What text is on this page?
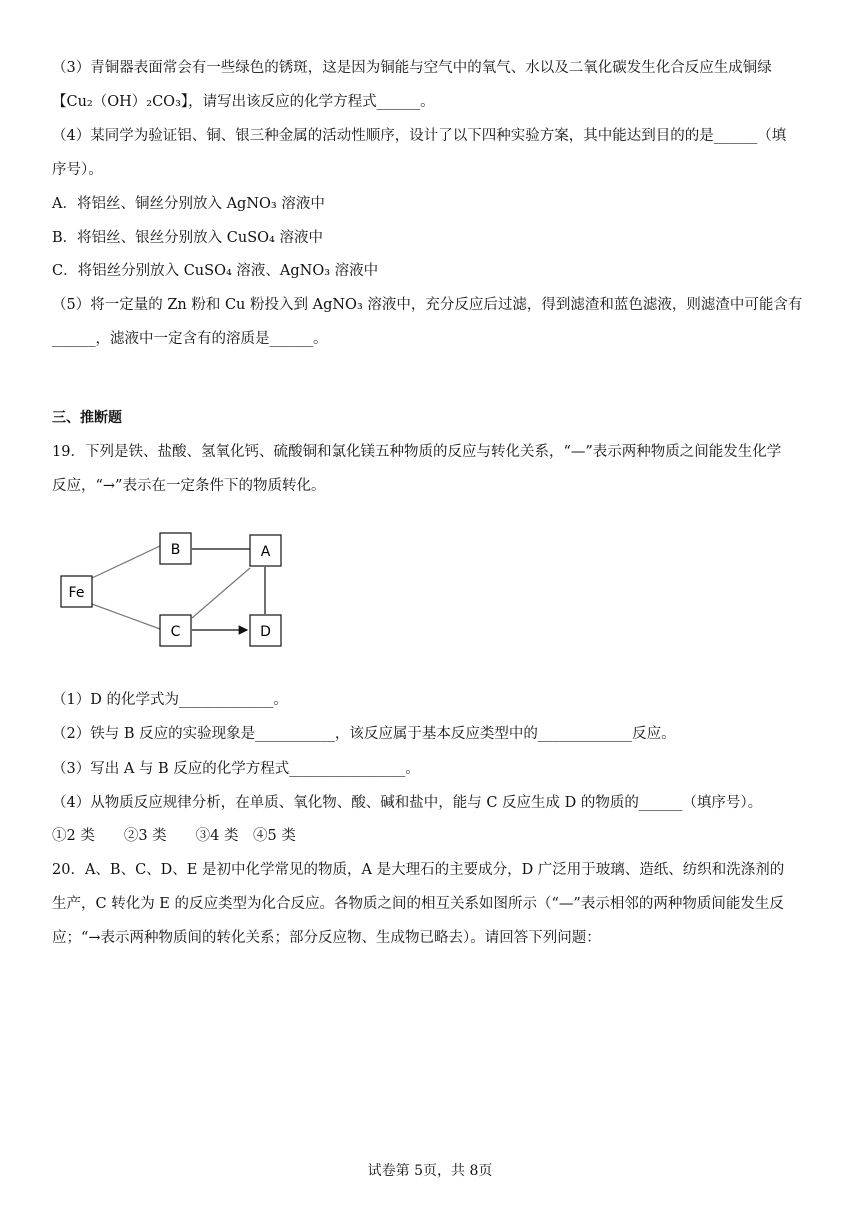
（3）青铜器表面常会有一些绿色的锈斑，这是因为铜能与空气中的氧气、水以及二氧化碳发生化合反应生成铜绿
【Cu₂（OH）₂CO₃】，请写出该反应的化学方程式______。
（4）某同学为验证铝、铜、银三种金属的活动性顺序，设计了以下四种实验方案，其中能达到目的的是______（填
序号）。
A．将铝丝、铜丝分别放入 AgNO₃ 溶液中
B．将铝丝、银丝分别放入 CuSO₄ 溶液中
C．将铝丝分别放入 CuSO₄ 溶液、AgNO₃ 溶液中
（5）将一定量的 Zn 粉和 Cu 粉投入到 AgNO₃ 溶液中，充分反应后过滤，得到滤渣和蓝色滤液，则滤渣中可能含有
______，滤液中一定含有的溶质是______。
三、推断题
19．下列是铁、盐酸、氢氧化钙、硫酸铜和氯化镁五种物质的反应与转化关系，“—”表示两种物质之间能发生化学
反应，“→”表示在一定条件下的物质转化。
Fe
B	A
C	D
（1）D 的化学式为_____________。
（2）铁与 B 反应的实验现象是___________，该反应属于基本反应类型中的_____________反应。
（3）写出 A 与 B 反应的化学方程式________________。
（4）从物质反应规律分析，在单质、氧化物、酸、碱和盐中，能与 C 反应生成 D 的物质的______（填序号）。
①2 类　　②3 类　　③4 类　④5 类
20．A、B、C、D、E 是初中化学常见的物质，A 是大理石的主要成分，D 广泛用于玻璃、造纸、纺织和洗涤剂的
生产，C 转化为 E 的反应类型为化合反应。各物质之间的相互关系如图所示（“—”表示相邻的两种物质间能发生反
应；“→表示两种物质间的转化关系；部分反应物、生成物已略去）。请回答下列问题：
试卷第 5页，共 8页
